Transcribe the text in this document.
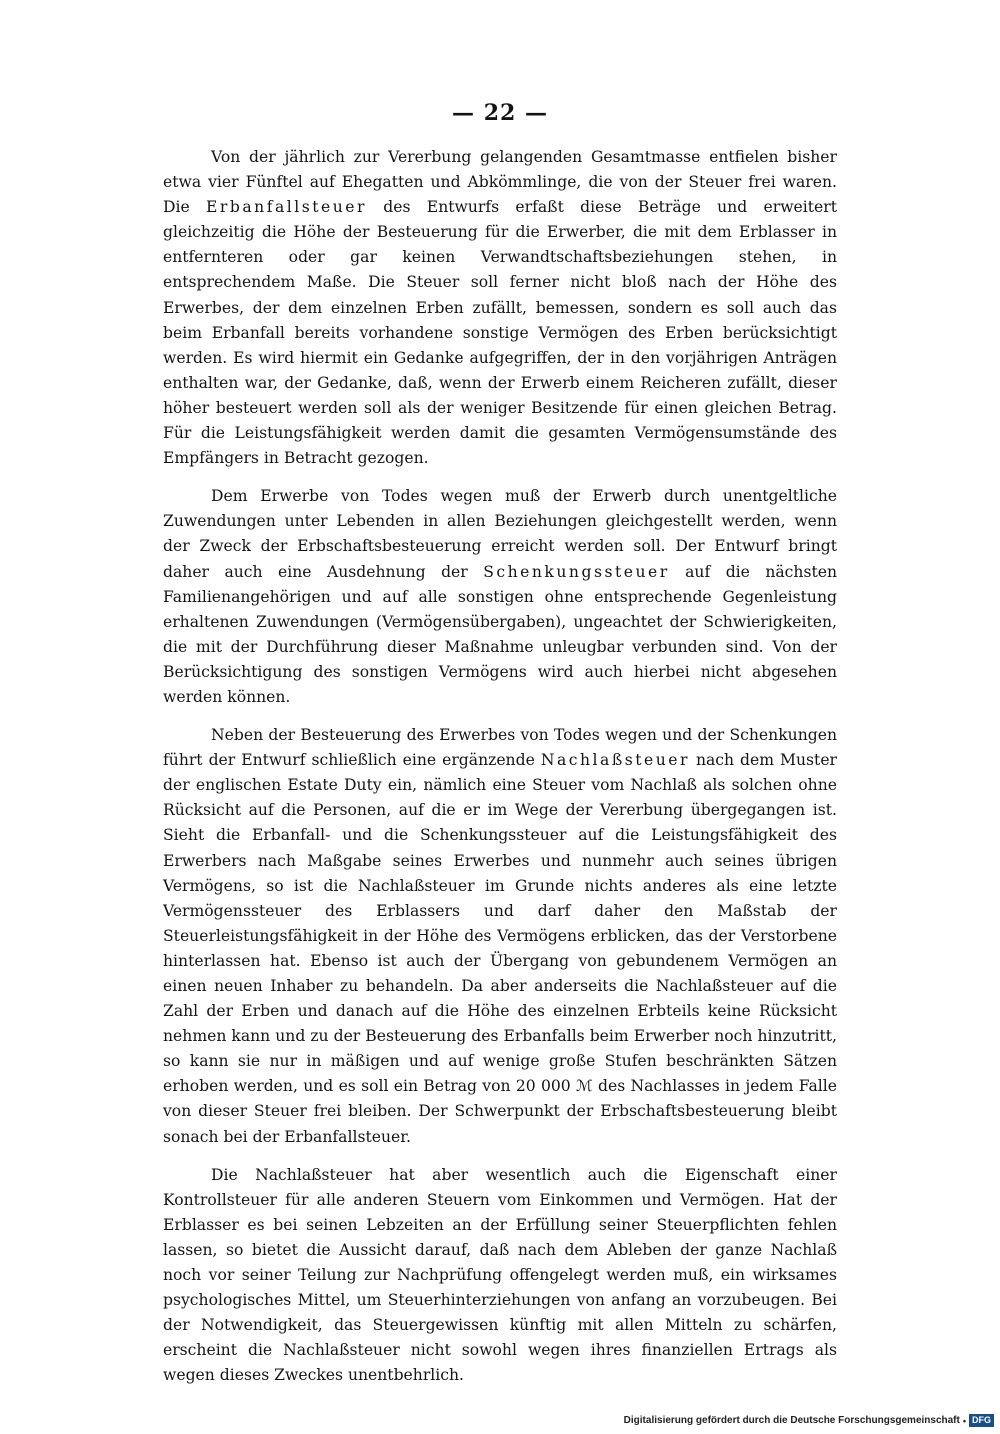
— 22 —

Von der jährlich zur Vererbung gelangenden Gesamtmasse entfielen bisher etwa vier Fünftel auf Ehegatten und Abkömmlinge, die von der Steuer frei waren. Die Erbanfallsteuer des Entwurfs erfaßt diese Beträge und erweitert gleichzeitig die Höhe der Besteuerung für die Erwerber, die mit dem Erblasser in entfernteren oder gar keinen Verwandtschaftsbeziehungen stehen, in entsprechendem Maße. Die Steuer soll ferner nicht bloß nach der Höhe des Erwerbes, der dem einzelnen Erben zufällt, bemessen, sondern es soll auch das beim Erbanfall bereits vorhandene sonstige Vermögen des Erben berücksichtigt werden. Es wird hiermit ein Gedanke aufgegriffen, der in den vorjährigen Anträgen enthalten war, der Gedanke, daß, wenn der Erwerb einem Reicheren zufällt, dieser höher besteuert werden soll als der weniger Besitzende für einen gleichen Betrag. Für die Leistungsfähigkeit werden damit die gesamten Vermögensumstände des Empfängers in Betracht gezogen.

Dem Erwerbe von Todes wegen muß der Erwerb durch unentgeltliche Zuwendungen unter Lebenden in allen Beziehungen gleichgestellt werden, wenn der Zweck der Erbschaftsbesteuerung erreicht werden soll. Der Entwurf bringt daher auch eine Ausdehnung der Schenkungssteuer auf die nächsten Familienangehörigen und auf alle sonstigen ohne entsprechende Gegenleistung erhaltenen Zuwendungen (Vermögensübergaben), ungeachtet der Schwierigkeiten, die mit der Durchführung dieser Maßnahme unleugbar verbunden sind. Von der Berücksichtigung des sonstigen Vermögens wird auch hierbei nicht abgesehen werden können.

Neben der Besteuerung des Erwerbes von Todes wegen und der Schenkungen führt der Entwurf schließlich eine ergänzende Nachlaßsteuer nach dem Muster der englischen Estate Duty ein, nämlich eine Steuer vom Nachlaß als solchen ohne Rücksicht auf die Personen, auf die er im Wege der Vererbung übergegangen ist. Sieht die Erbanfall- und die Schenkungssteuer auf die Leistungsfähigkeit des Erwerbers nach Maßgabe seines Erwerbes und nunmehr auch seines übrigen Vermögens, so ist die Nachlaßsteuer im Grunde nichts anderes als eine letzte Vermögenssteuer des Erblassers und darf daher den Maßstab der Steuerleistungsfähigkeit in der Höhe des Vermögens erblicken, das der Verstorbene hinterlassen hat. Ebenso ist auch der Übergang von gebundenem Vermögen an einen neuen Inhaber zu behandeln. Da aber anderseits die Nachlaßsteuer auf die Zahl der Erben und danach auf die Höhe des einzelnen Erbteils keine Rücksicht nehmen kann und zu der Besteuerung des Erbanfalls beim Erwerber noch hinzutritt, so kann sie nur in mäßigen und auf wenige große Stufen beschränkten Sätzen erhoben werden, und es soll ein Betrag von 20 000 ℳ des Nachlasses in jedem Falle von dieser Steuer frei bleiben. Der Schwerpunkt der Erbschaftsbesteuerung bleibt sonach bei der Erbanfallsteuer.

Die Nachlaßsteuer hat aber wesentlich auch die Eigenschaft einer Kontrollsteuer für alle anderen Steuern vom Einkommen und Vermögen. Hat der Erblasser es bei seinen Lebzeiten an der Erfüllung seiner Steuerpflichten fehlen lassen, so bietet die Aussicht darauf, daß nach dem Ableben der ganze Nachlaß noch vor seiner Teilung zur Nachprüfung offengelegt werden muß, ein wirksames psychologisches Mittel, um Steuerhinterziehungen von anfang an vorzubeugen. Bei der Notwendigkeit, das Steuergewissen künftig mit allen Mitteln zu schärfen, erscheint die Nachlaßsteuer nicht sowohl wegen ihres finanziellen Ertrags als wegen dieses Zweckes unentbehrlich.

Digitalisierung gefördert durch die Deutsche Forschungsgemeinschaft • DFG
